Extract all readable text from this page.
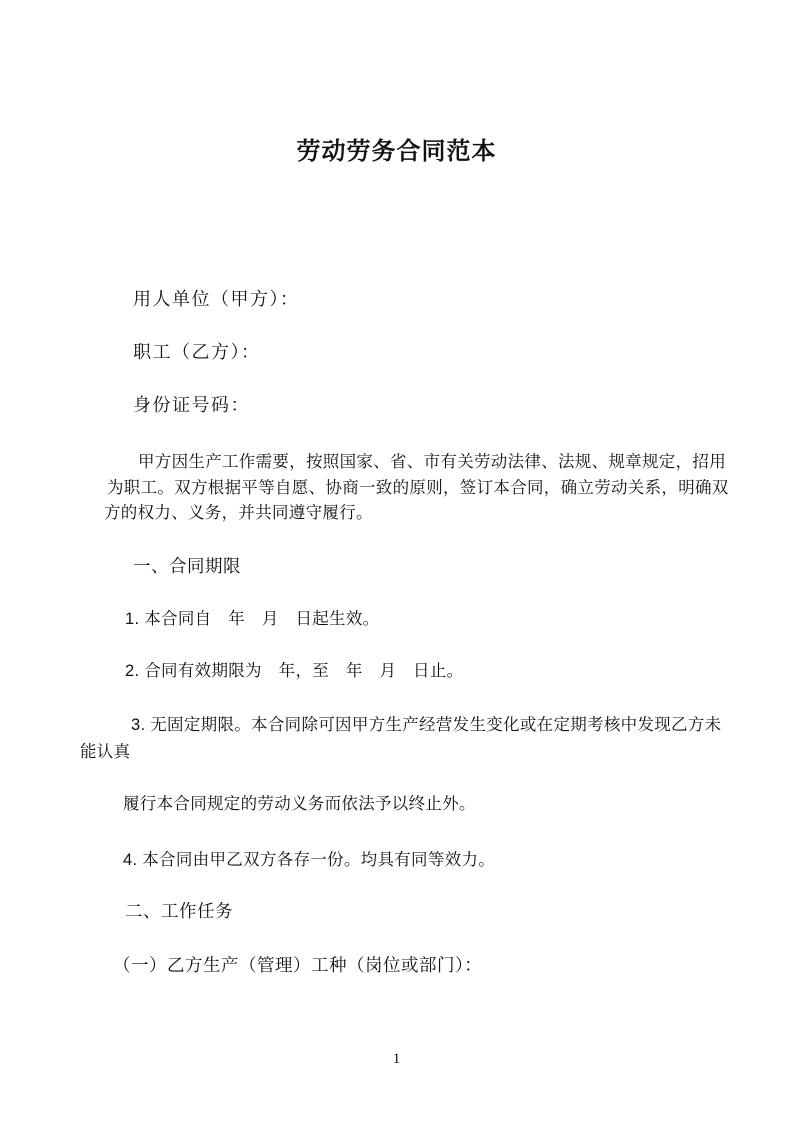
劳动劳务合同范本
用人单位（甲方）：
职工（乙方）：
身份证号码：
甲方因生产工作需要，按照国家、省、市有关劳动法律、法规、规章规定，招用
为职工。双方根据平等自愿、协商一致的原则，签订本合同，确立劳动关系，明确双
方的权力、义务，并共同遵守履行。
一、合同期限
1. 本合同自　年　月　日起生效。
2. 合同有效期限为　年，至　年　月　日止。
3. 无固定期限。本合同除可因甲方生产经营发生变化或在定期考核中发现乙方未
能认真
履行本合同规定的劳动义务而依法予以终止外。
4. 本合同由甲乙双方各存一份。均具有同等效力。
二、工作任务
（一）乙方生产（管理）工种（岗位或部门）：
1
